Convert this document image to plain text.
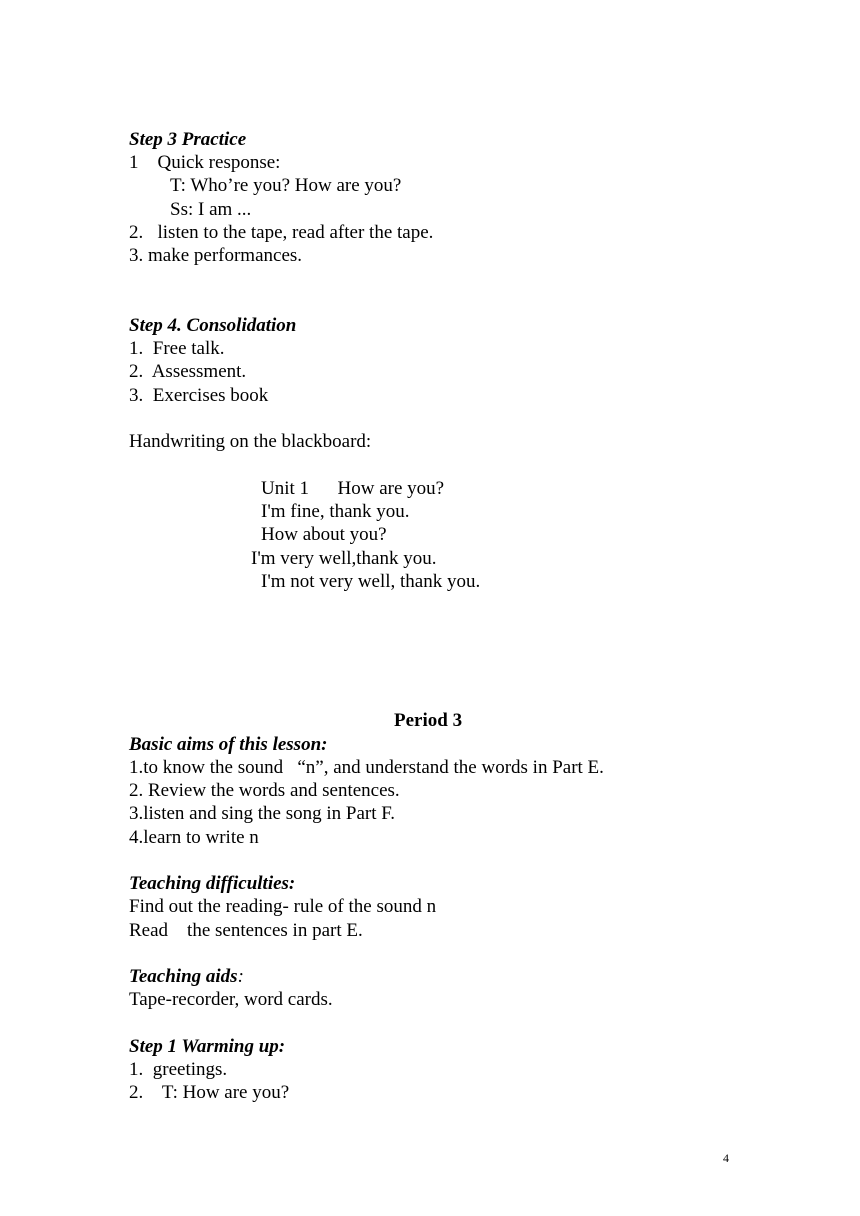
Step 3 Practice
1    Quick response:
T: Who’re you? How are you?
Ss: I am ...
2.   listen to the tape, read after the tape.
3. make performances.
Step 4. Consolidation
1.  Free talk.
2.  Assessment.
3.  Exercises book
Handwriting on the blackboard:
Unit 1      How are you?
I'm fine, thank you.
How about you?
I'm very well,thank you.
I'm not very well, thank you.
Period 3
Basic aims of this lesson:
1.to know the sound   “n”, and understand the words in Part E.
2. Review the words and sentences.
3.listen and sing the song in Part F.
4.learn to write n
Teaching difficulties:
Find out the reading- rule of the sound n
Read    the sentences in part E.
Teaching aids:
Tape-recorder, word cards.
Step 1 Warming up:
1.  greetings.
2.    T: How are you?
4
